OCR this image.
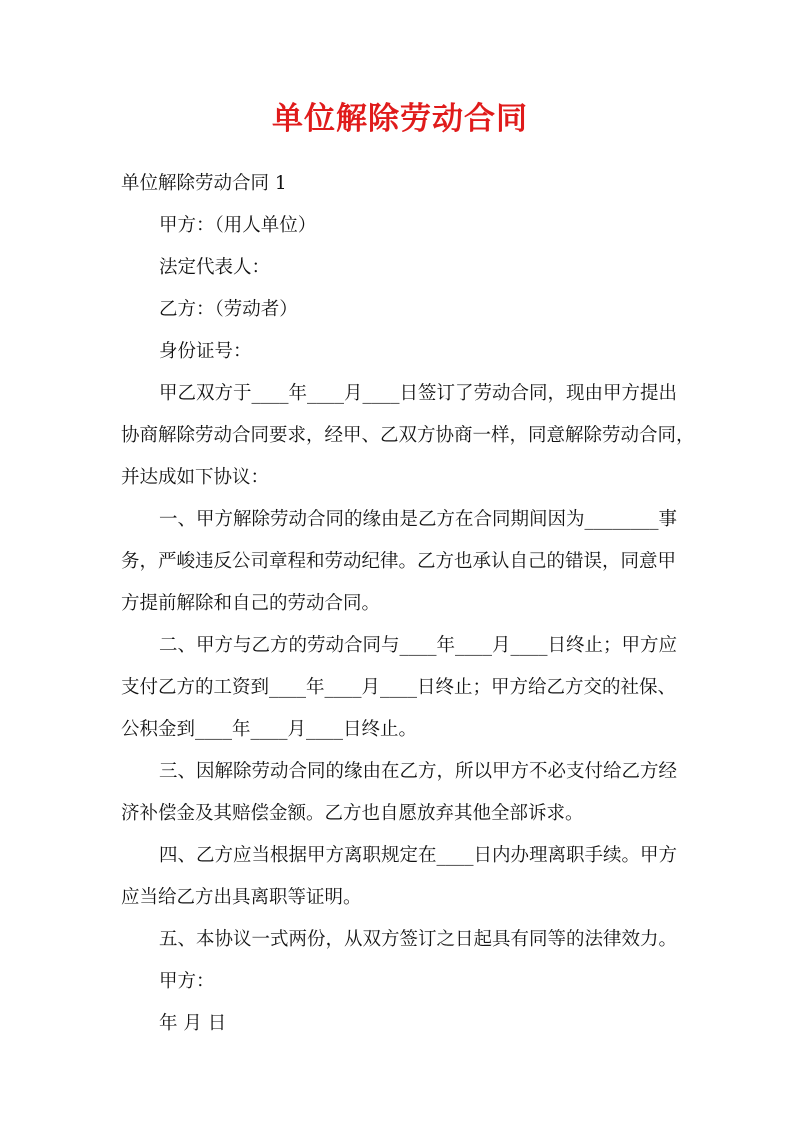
单位解除劳动合同
单位解除劳动合同 1
甲方：（用人单位）
法定代表人：
乙方：（劳动者）
身份证号：
甲乙双方于____年____月____日签订了劳动合同，现由甲方提出
协商解除劳动合同要求，经甲、乙双方协商一样，同意解除劳动合同，
并达成如下协议：
一、甲方解除劳动合同的缘由是乙方在合同期间因为________事
务，严峻违反公司章程和劳动纪律。乙方也承认自己的错误，同意甲
方提前解除和自己的劳动合同。
二、甲方与乙方的劳动合同与____年____月____日终止；甲方应
支付乙方的工资到____年____月____日终止；甲方给乙方交的社保、
公积金到____年____月____日终止。
三、因解除劳动合同的缘由在乙方，所以甲方不必支付给乙方经
济补偿金及其赔偿金额。乙方也自愿放弃其他全部诉求。
四、乙方应当根据甲方离职规定在____日内办理离职手续。甲方
应当给乙方出具离职等证明。
五、本协议一式两份，从双方签订之日起具有同等的法律效力。
甲方：
年 月 日
